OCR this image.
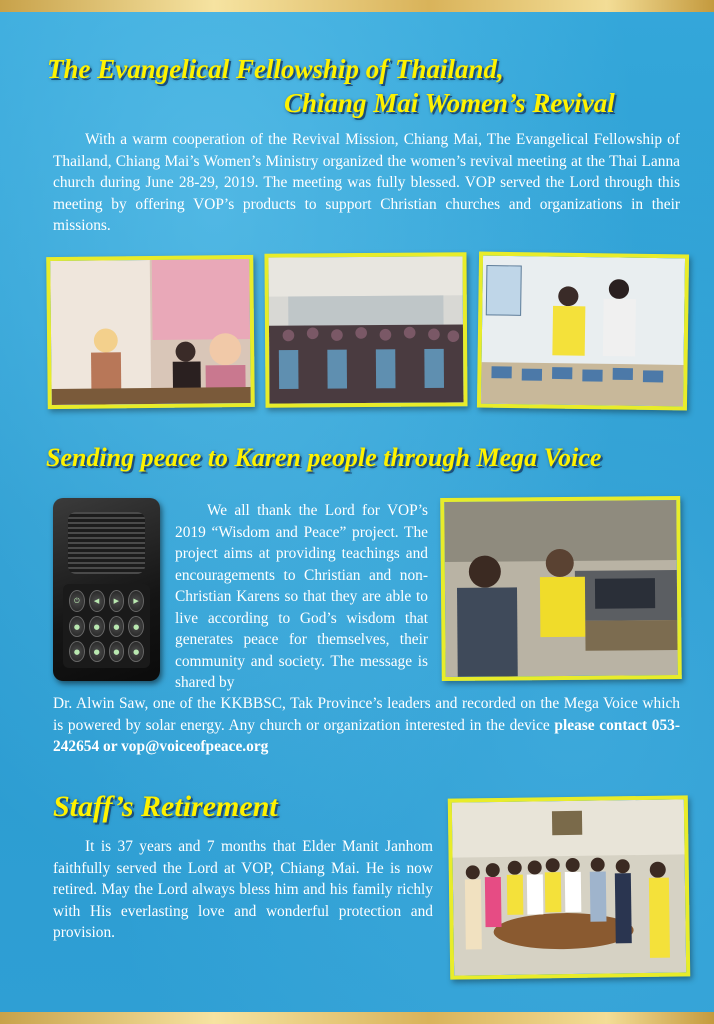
The Evangelical Fellowship of Thailand,
Chiang Mai Women’s Revival

With a warm cooperation of the Revival Mission, Chiang Mai, The Evangelical Fellowship of Thailand, Chiang Mai’s Women’s Ministry organized the women’s revival meeting at the Thai Lanna church during June 28-29, 2019. The meeting was fully blessed. VOP served the Lord through this meeting by offering VOP’s products to support Christian churches and organizations in their missions.

Sending peace to Karen people through Mega Voice
⏻	◀	▶	▶
●	●	●	●
●	●	●	●

We all thank the Lord for VOP’s 2019 “Wisdom and Peace” project. The project aims at providing teachings and encouragements to Christian and non-Christian Karens so that they are able to live according to God’s wisdom that generates peace for themselves, their community and society. The message is shared by

Dr. Alwin Saw, one of the KKBBSC, Tak Province’s leaders and recorded on the Mega Voice which is powered by solar energy. Any church or organization interested in the device please contact 053-242654 or vop@voiceofpeace.org

Staff’s Retirement

It is 37 years and 7 months that Elder Manit Janhom faithfully served the Lord at VOP, Chiang Mai. He is now retired. May the Lord always bless him and his family richly with His everlasting love and wonderful protection and provision.
